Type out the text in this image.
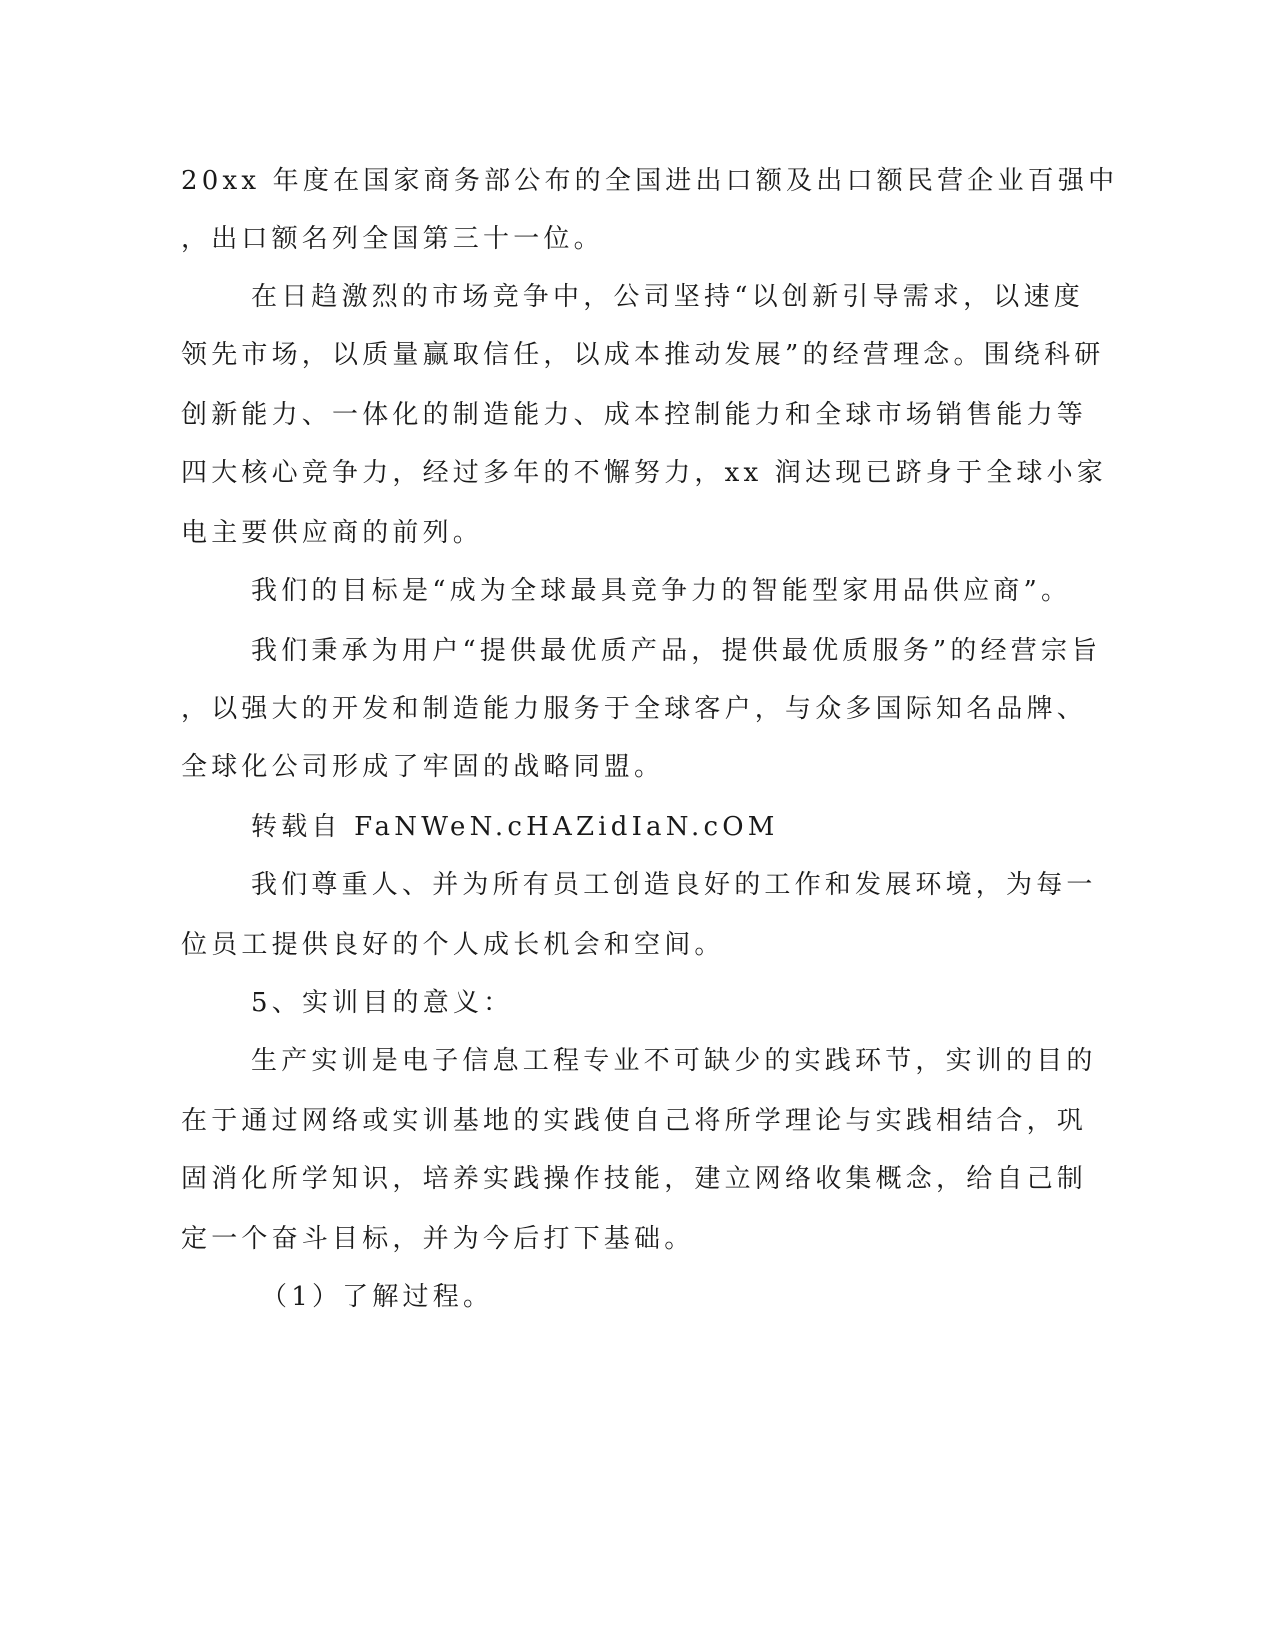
20xx 年度在国家商务部公布的全国进出口额及出口额民营企业百强中
，出口额名列全国第三十一位。
在日趋激烈的市场竞争中，公司坚持“以创新引导需求，以速度
领先市场，以质量赢取信任，以成本推动发展”的经营理念。围绕科研
创新能力、一体化的制造能力、成本控制能力和全球市场销售能力等
四大核心竞争力，经过多年的不懈努力，xx 润达现已跻身于全球小家
电主要供应商的前列。
我们的目标是“成为全球最具竞争力的智能型家用品供应商”。
我们秉承为用户“提供最优质产品，提供最优质服务”的经营宗旨
，以强大的开发和制造能力服务于全球客户，与众多国际知名品牌、
全球化公司形成了牢固的战略同盟。
转载自 FaNWeN.cHAZidIaN.cOM
我们尊重人、并为所有员工创造良好的工作和发展环境，为每一
位员工提供良好的个人成长机会和空间。
5、实训目的意义：
生产实训是电子信息工程专业不可缺少的实践环节，实训的目的
在于通过网络或实训基地的实践使自己将所学理论与实践相结合，巩
固消化所学知识，培养实践操作技能，建立网络收集概念，给自己制
定一个奋斗目标，并为今后打下基础。
（1）了解过程。
